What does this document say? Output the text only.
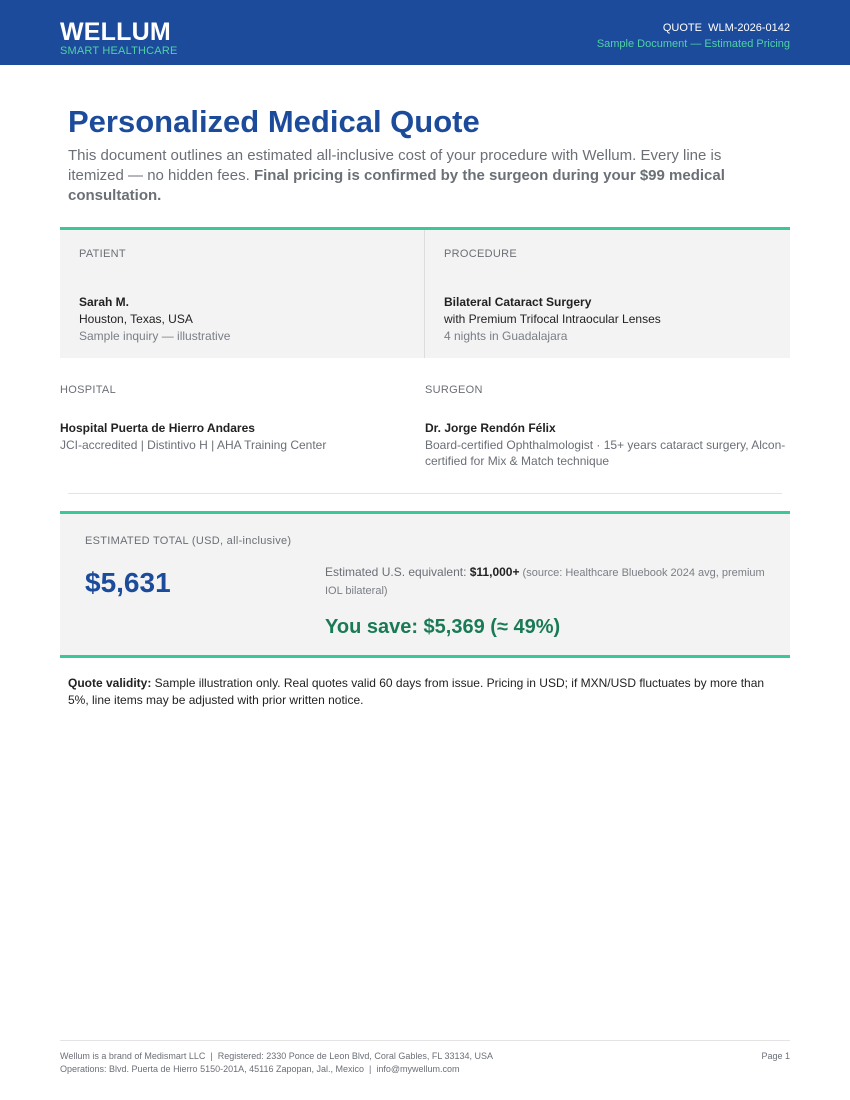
WELLUM
SMART HEALTHCARE
QUOTE  WLM-2026-0142
Sample Document — Estimated Pricing
Personalized Medical Quote

This document outlines an estimated all-inclusive cost of your procedure with Wellum. Every line is itemized — no hidden fees. Final pricing is confirmed by the surgeon during your $99 medical consultation.

PATIENT
Sarah M.
Houston, Texas, USA
Sample inquiry — illustrative
PROCEDURE
Bilateral Cataract Surgery
with Premium Trifocal Intraocular Lenses
4 nights in Guadalajara
HOSPITAL
Hospital Puerta de Hierro Andares
JCI-accredited | Distintivo H | AHA Training Center
SURGEON
Dr. Jorge Rendón Félix
Board-certified Ophthalmologist · 15+ years cataract surgery, Alcon-certified for Mix & Match technique
ESTIMATED TOTAL (USD, all-inclusive)
$5,631	Estimated U.S. equivalent: $11,000+ (source: Healthcare Bluebook 2024 avg, premium IOL bilateral)
You save: $5,369 (≈ 49%)

Quote validity: Sample illustration only. Real quotes valid 60 days from issue. Pricing in USD; if MXN/USD fluctuates by more than 5%, line items may be adjusted with prior written notice.

Wellum is a brand of Medismart LLC  |  Registered: 2330 Ponce de Leon Blvd, Coral Gables, FL 33134, USA
Operations: Blvd. Puerta de Hierro 5150-201A, 45116 Zapopan, Jal., Mexico  |  info@mywellum.com
Page 1
